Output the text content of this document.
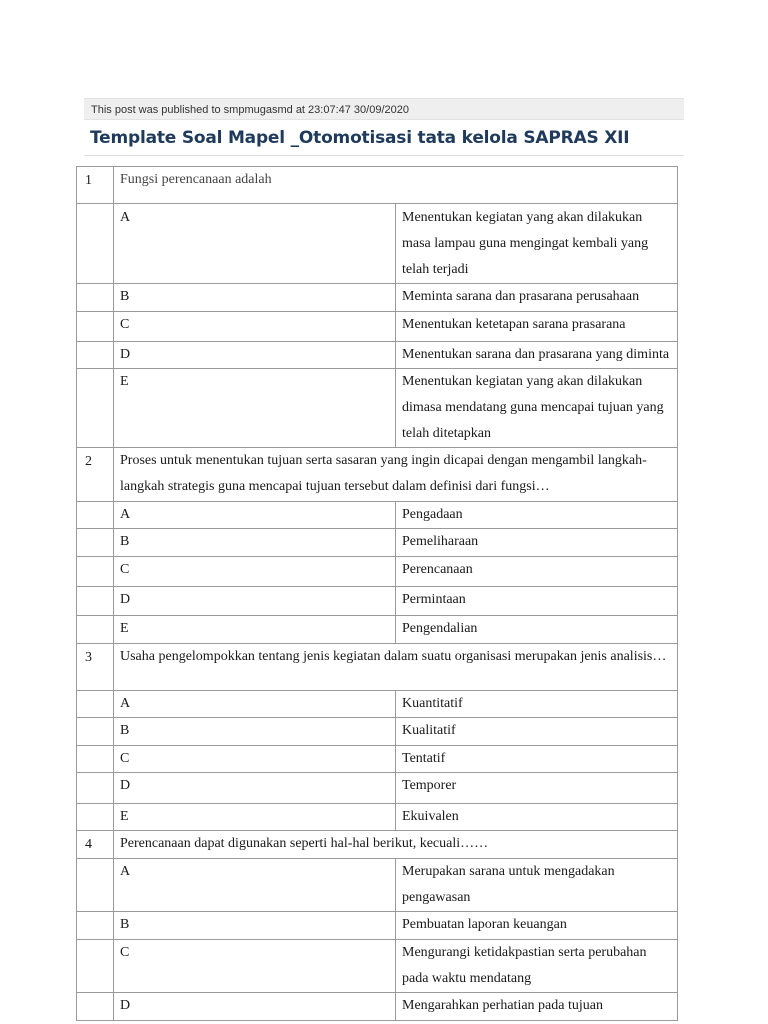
This post was published to smpmugasmd at 23:07:47 30/09/2020
Template Soal Mapel _Otomotisasi tata kelola SAPRAS XII
1	Fungsi perencanaan adalah	
	A	Menentukan kegiatan yang akan dilakukan masa lampau guna mengingat kembali yang telah terjadi
	B	Meminta sarana dan prasarana perusahaan
	C	Menentukan ketetapan sarana prasarana
	D	Menentukan sarana dan prasarana yang diminta
	E	Menentukan kegiatan yang akan dilakukan dimasa mendatang guna mencapai tujuan yang telah ditetapkan
2	Proses untuk menentukan tujuan serta sasaran yang ingin dicapai dengan mengambil langkah-langkah strategis guna mencapai tujuan tersebut dalam definisi dari fungsi…	
	A	Pengadaan
	B	Pemeliharaan
	C	Perencanaan
	D	Permintaan
	E	Pengendalian
3	Usaha pengelompokkan tentang jenis kegiatan dalam suatu organisasi merupakan jenis analisis…	
	A	Kuantitatif
	B	Kualitatif
	C	Tentatif
	D	Temporer
	E	Ekuivalen
4	Perencanaan dapat digunakan seperti hal-hal berikut, kecuali……	
	A	Merupakan sarana untuk mengadakan pengawasan
	B	Pembuatan laporan keuangan
	C	Mengurangi ketidakpastian serta perubahan pada waktu mendatang
	D	Mengarahkan perhatian pada tujuan
